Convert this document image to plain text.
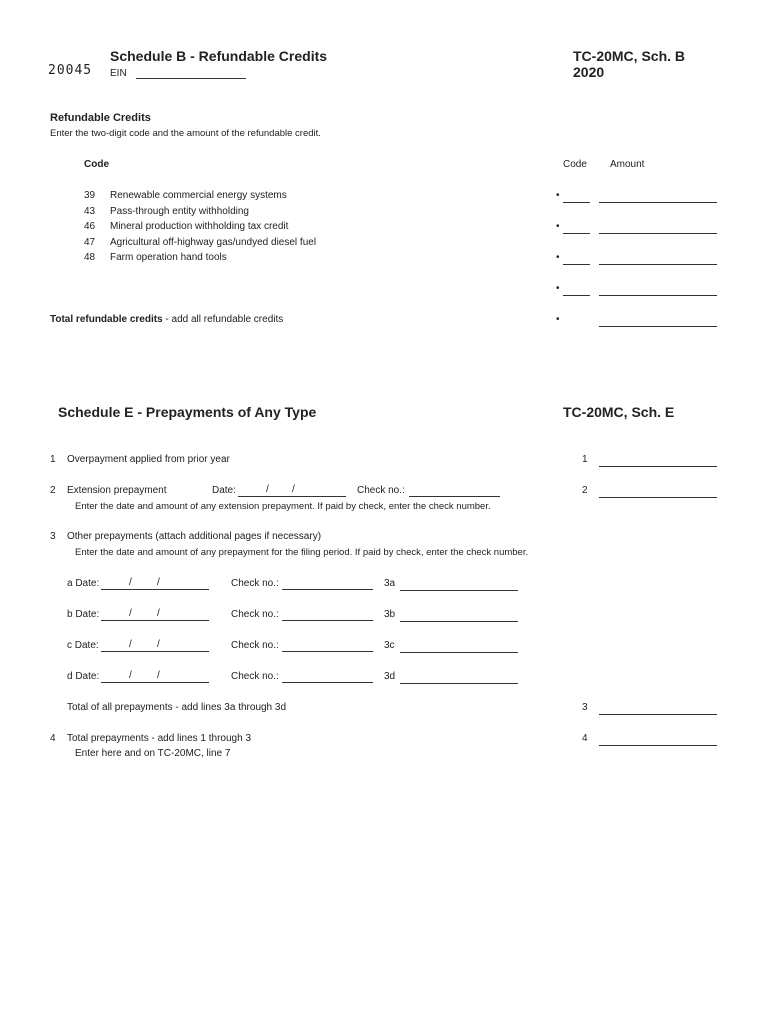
20045
Schedule B - Refundable Credits
EIN
TC-20MC, Sch. B
2020
Refundable Credits
Enter the two-digit code and the amount of the refundable credit.
Code	Code Amount
39 Renewable commercial energy systems
43 Pass-through entity withholding
46 Mineral production withholding tax credit
47 Agricultural off-highway gas/undyed diesel fuel
48 Farm operation hand tools
•
•
•
•
Total refundable credits - add all refundable credits	•
Schedule E - Prepayments of Any Type	TC-20MC, Sch. E
1 Overpayment applied from prior year	1
2 Extension prepayment	Date:	/ /	Check no.:	2
Enter the date and amount of any extension prepayment. If paid by check, enter the check number.
3 Other prepayments (attach additional pages if necessary)
Enter the date and amount of any prepayment for the filing period. If paid by check, enter the check number.
a Date:	/	/	Check no.:	3a
b Date:	/	/	Check no.:	3b
c Date:	/	/	Check no.:	3c
d Date:	/	/	Check no.:	3d
Total of all prepayments - add lines 3a through 3d	3
4 Total prepayments - add lines 1 through 3
Enter here and on TC-20MC, line 7
4
